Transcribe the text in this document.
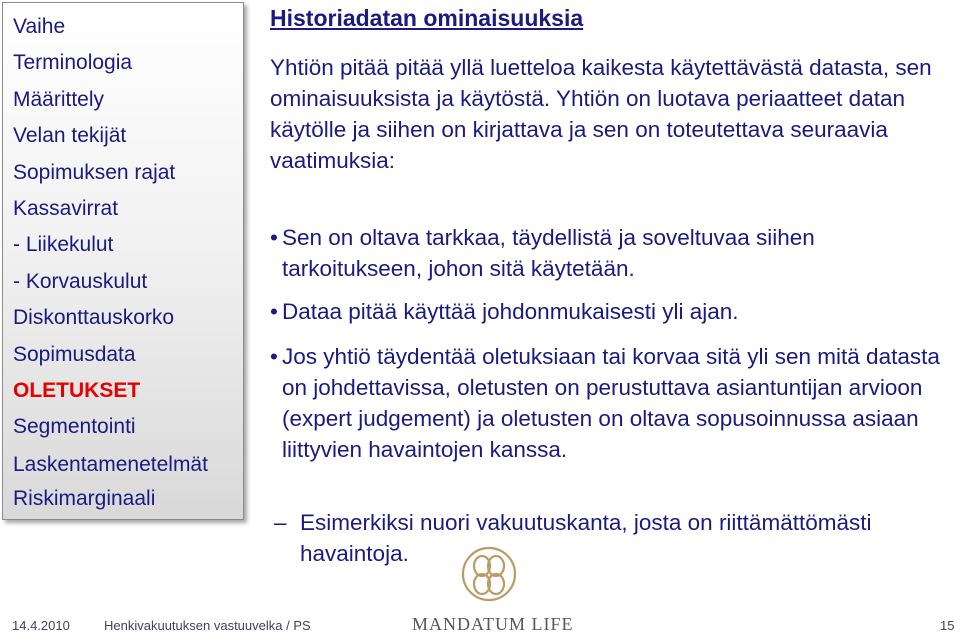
Vaihe
Terminologia
Määrittely
Velan tekijät
Sopimuksen rajat
Kassavirrat
- Liikekulut
- Korvauskulut
Diskonttauskorko
Sopimusdata
OLETUKSET
Segmentointi
Laskentamenetelmät
Riskimarginaali
Historiadatan ominaisuuksia

Yhtiön pitää pitää yllä luetteloa kaikesta käytettävästä datasta, sen ominaisuuksista ja käytöstä. Yhtiön on luotava periaatteet datan käytölle ja siihen on kirjattava ja sen on toteutettava seuraavia vaatimuksia:

• Sen on oltava tarkkaa, täydellistä ja soveltuvaa siihen tarkoitukseen, johon sitä käytetään.
• Dataa pitää käyttää johdonmukaisesti yli ajan.
• Jos yhtiö täydentää oletuksiaan tai korvaa sitä yli sen mitä datasta on johdettavissa, oletusten on perustuttava asiantuntijan arvioon (expert judgement) ja oletusten on oltava sopusoinnussa asiaan liittyvien havaintojen kanssa.
– Esimerkiksi nuori vakuutuskanta, josta on riittämättömästi havaintoja.
14.4.2010	Henkivakuutuksen vastuuvelka / PS	MANDATUM LIFE	15
